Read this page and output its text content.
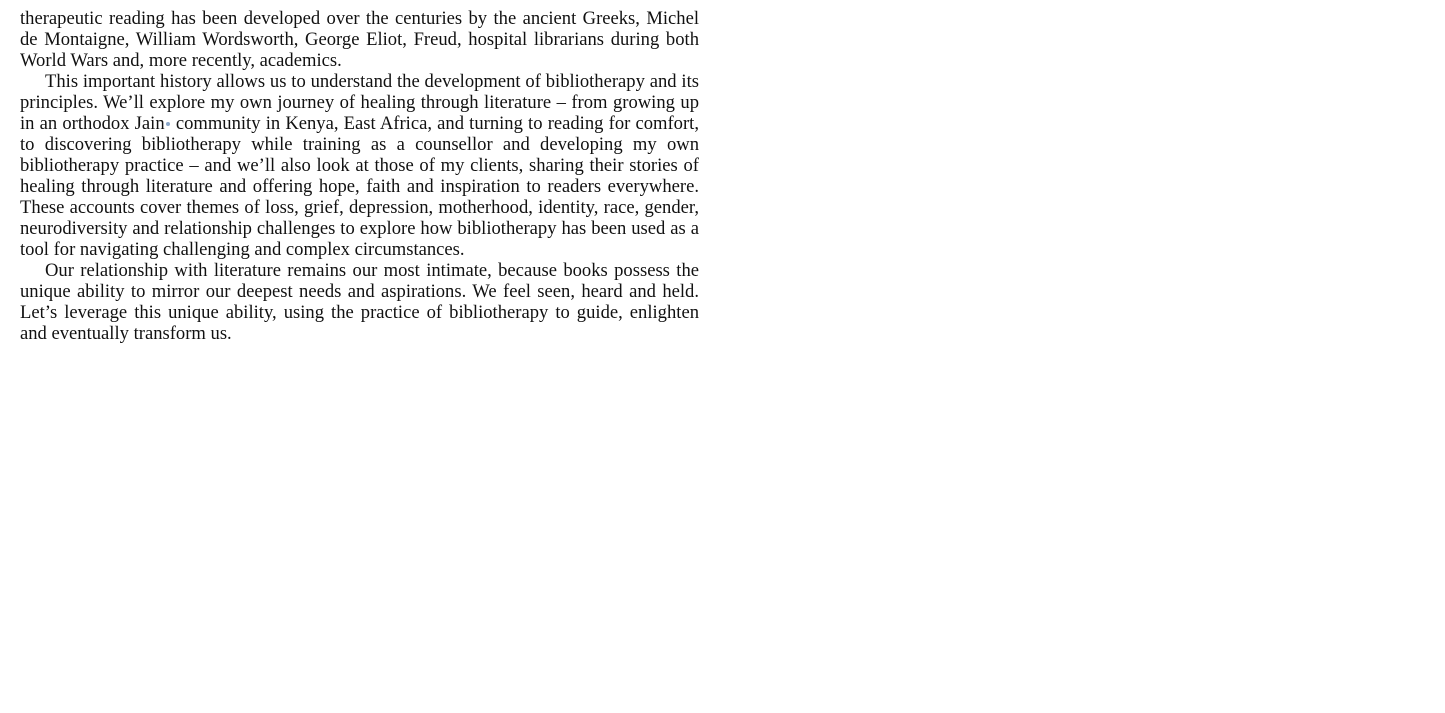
therapeutic reading has been developed over the centuries by the ancient Greeks, Michel de Montaigne, William Wordsworth, George Eliot, Freud, hospital librarians during both World Wars and, more recently, academics.

This important history allows us to understand the development of bibliotherapy and its principles. We’ll explore my own journey of healing through literature – from growing up in an orthodox Jain community in Kenya, East Africa, and turning to reading for comfort, to discovering bibliotherapy while training as a counsellor and developing my own bibliotherapy practice – and we’ll also look at those of my clients, sharing their stories of healing through literature and offering hope, faith and inspiration to readers everywhere. These accounts cover themes of loss, grief, depression, motherhood, identity, race, gender, neurodiversity and relationship challenges to explore how bibliotherapy has been used as a tool for navigating challenging and complex circumstances.

Our relationship with literature remains our most intimate, because books possess the unique ability to mirror our deepest needs and aspirations. We feel seen, heard and held. Let’s leverage this unique ability, using the practice of bibliotherapy to guide, enlighten and eventually transform us.
